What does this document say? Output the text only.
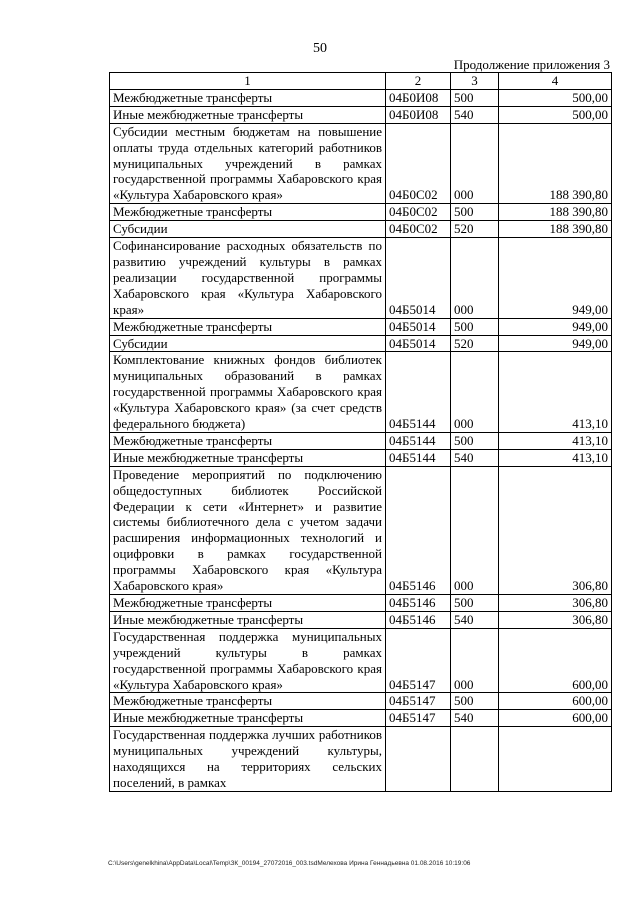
50
Продолжение приложения 3
1	2	3	4
Межбюджетные трансферты	04Б0И08	500	500,00
Иные межбюджетные трансферты	04Б0И08	540	500,00
Субсидии местным бюджетам на повышение оплаты труда отдельных категорий работников муниципальных учреждений в рамках государственной программы Хабаровского края «Культура Хабаровского края»	04Б0С02	000	188 390,80
Межбюджетные трансферты	04Б0С02	500	188 390,80
Субсидии	04Б0С02	520	188 390,80
Софинансирование расходных обязательств по развитию учреждений культуры в рамках реализации государственной программы Хабаровского края «Культура Хабаровского края»	04Б5014	000	949,00
Межбюджетные трансферты	04Б5014	500	949,00
Субсидии	04Б5014	520	949,00
Комплектование книжных фондов библиотек муниципальных образований в рамках государственной программы Хабаровского края «Культура Хабаровского края» (за счет средств федерального бюджета)	04Б5144	000	413,10
Межбюджетные трансферты	04Б5144	500	413,10
Иные межбюджетные трансферты	04Б5144	540	413,10
Проведение мероприятий по подключению общедоступных библиотек Российской Федерации к сети «Интернет» и развитие системы библиотечного дела с учетом задачи расширения информационных технологий и оцифровки в рамках государственной программы Хабаровского края «Культура Хабаровского края»	04Б5146	000	306,80
Межбюджетные трансферты	04Б5146	500	306,80
Иные межбюджетные трансферты	04Б5146	540	306,80
Государственная поддержка муниципальных учреждений культуры в рамках государственной программы Хабаровского края «Культура Хабаровского края»	04Б5147	000	600,00
Межбюджетные трансферты	04Б5147	500	600,00
Иные межбюджетные трансферты	04Б5147	540	600,00
Государственная поддержка лучших работников муниципальных учреждений культуры, находящихся на территориях сельских поселений, в рамках			
C:\Users\genelkhina\AppData\Local\Temp\ЗК_00194_27072016_003.tsdМелехова Ирина Геннадьевна 01.08.2016 10:19:06
